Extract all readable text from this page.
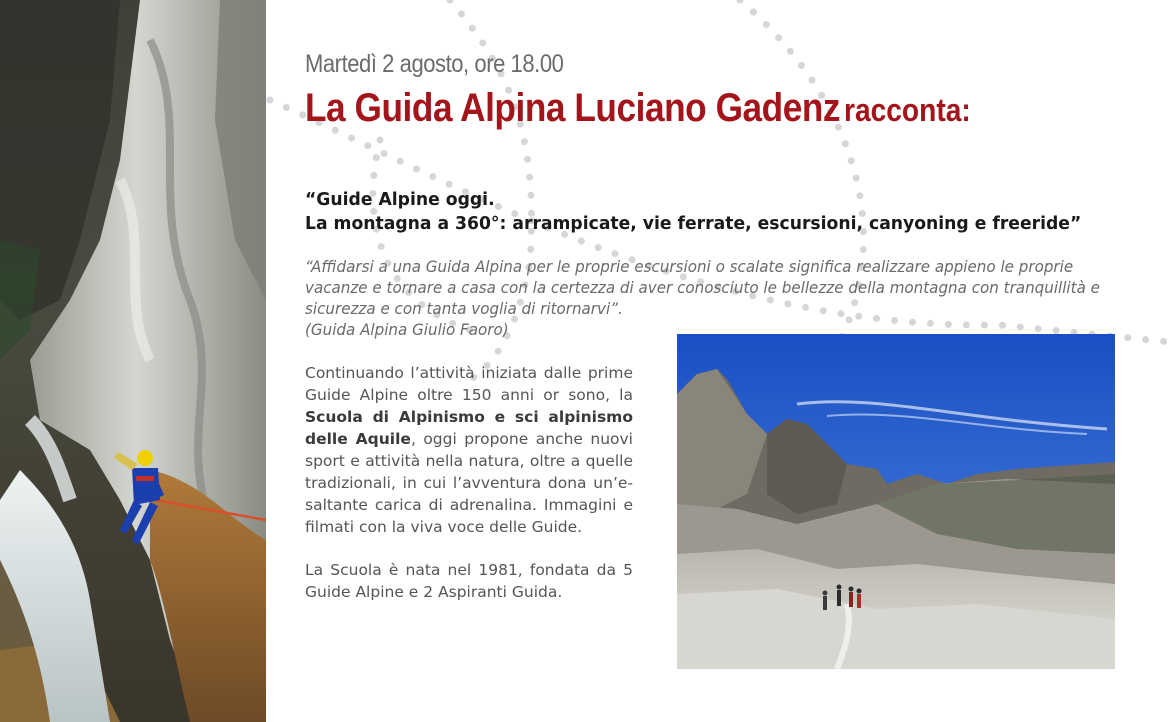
Martedì 2 agosto, ore 18.00
La Guida Alpina Luciano Gadenz racconta:
“Guide Alpine oggi.
La montagna a 360°: arrampicate, vie ferrate, escursioni, canyoning e freeride”

“Affidarsi a una Guida Alpina per le proprie escursioni o scalate significa realizzare appieno le proprie vacanze e tornare a casa con la certezza di aver conosciuto le bellezze della montagna con tranquillità e sicurezza e con tanta voglia di ritornarvi”.

(Guida Alpina Giulio Faoro)

Continuando l’attività iniziata dalle prime Guide Alpine oltre 150 anni or sono, la Scuola di Alpinismo e sci alpinismo delle Aquile, oggi propone anche nuovi sport e attività nella natura, oltre a quelle tradizionali, in cui l’avventura dona un’e-saltante carica di adrenalina. Immagini e filmati con la viva voce delle Guide.

La Scuola è nata nel 1981, fondata da 5 Guide Alpine e 2 Aspiranti Guida.
